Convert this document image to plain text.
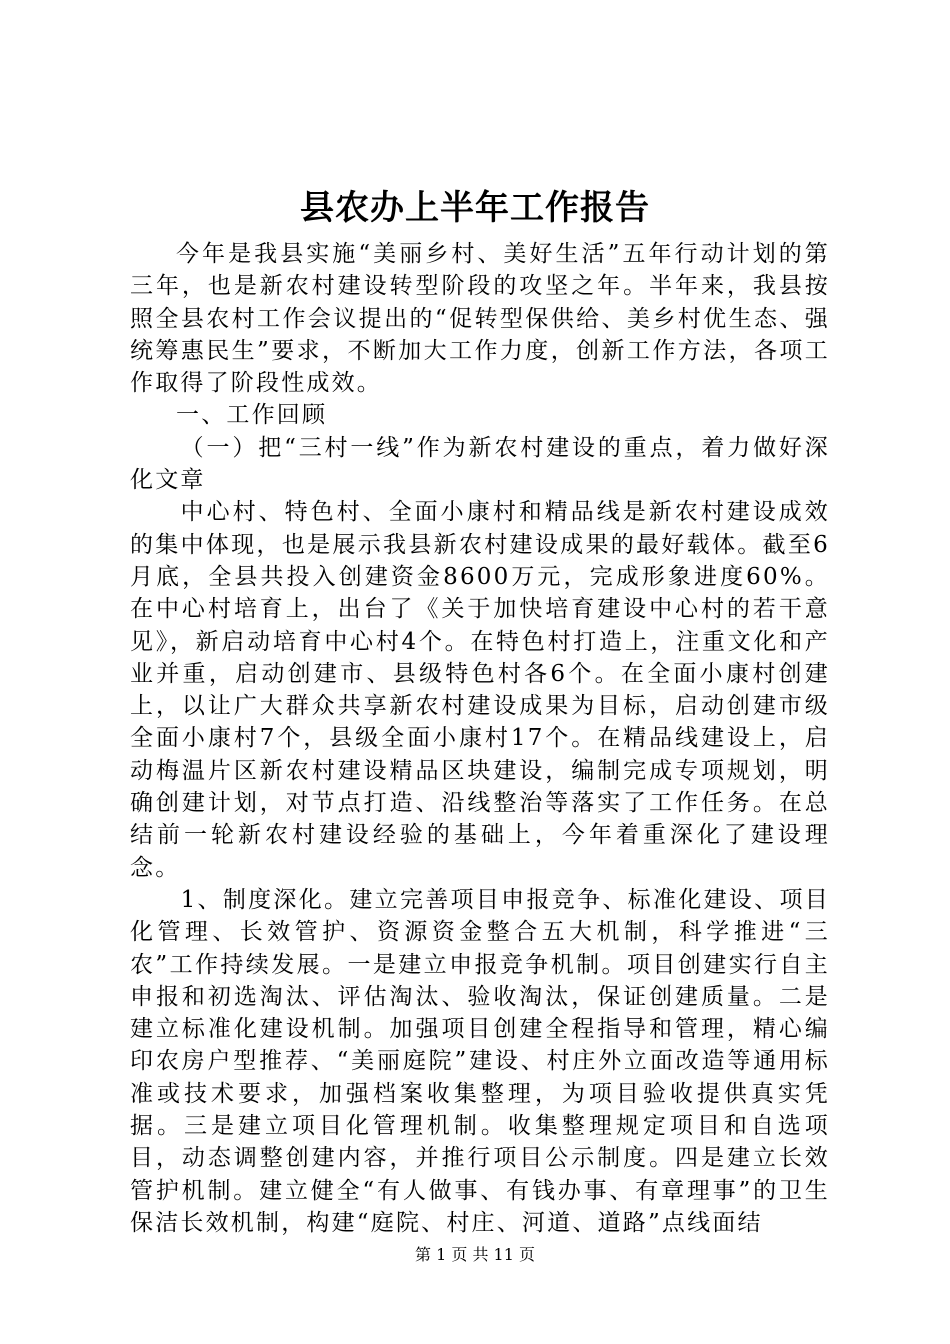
县农办上半年工作报告

今年是我县实施“美丽乡村、美好生活”五年行动计划的第三年，也是新农村建设转型阶段的攻坚之年。半年来，我县按照全县农村工作会议提出的“促转型保供给、美乡村优生态、强统筹惠民生”要求，不断加大工作力度，创新工作方法，各项工作取得了阶段性成效。

一、工作回顾

（一）把“三村一线”作为新农村建设的重点，着力做好深化文章

中心村、特色村、全面小康村和精品线是新农村建设成效的集中体现，也是展示我县新农村建设成果的最好载体。截至6月底，全县共投入创建资金8600万元，完成形象进度60%。在中心村培育上，出台了《关于加快培育建设中心村的若干意见》，新启动培育中心村4个。在特色村打造上，注重文化和产业并重，启动创建市、县级特色村各6个。在全面小康村创建上，以让广大群众共享新农村建设成果为目标，启动创建市级全面小康村7个，县级全面小康村17个。在精品线建设上，启动梅温片区新农村建设精品区块建设，编制完成专项规划，明确创建计划，对节点打造、沿线整治等落实了工作任务。在总结前一轮新农村建设经验的基础上，今年着重深化了建设理念。

1、制度深化。建立完善项目申报竞争、标准化建设、项目化管理、长效管护、资源资金整合五大机制，科学推进“三农”工作持续发展。一是建立申报竞争机制。项目创建实行自主申报和初选淘汰、评估淘汰、验收淘汰，保证创建质量。二是建立标准化建设机制。加强项目创建全程指导和管理，精心编印农房户型推荐、“美丽庭院”建设、村庄外立面改造等通用标准或技术要求，加强档案收集整理，为项目验收提供真实凭据。三是建立项目化管理机制。收集整理规定项目和自选项目，动态调整创建内容，并推行项目公示制度。四是建立长效管护机制。建立健全“有人做事、有钱办事、有章理事”的卫生保洁长效机制，构建“庭院、村庄、河道、道路”点线面结

第 1 页 共 11 页
